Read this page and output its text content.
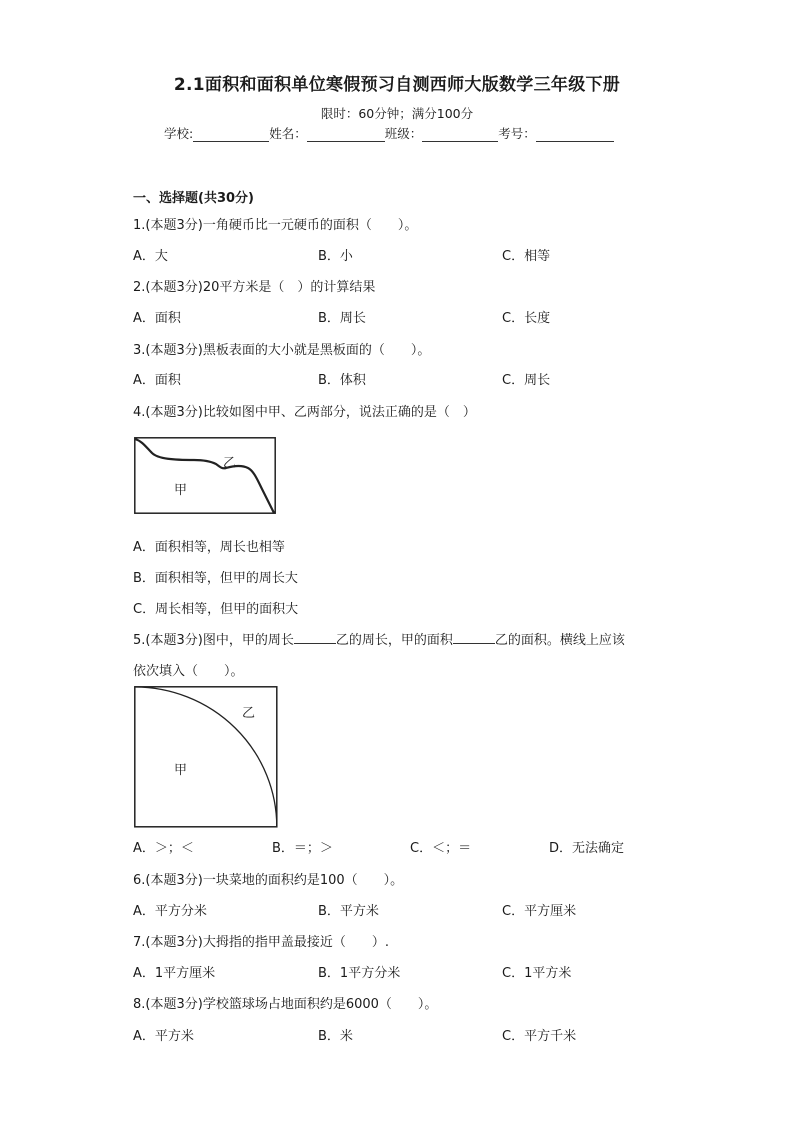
2.1面积和面积单位寒假预习自测西师大版数学三年级下册
限时：60分钟；满分100分
学校:	姓名：	班级：	考号：
一、选择题(共30分)
1.(本题3分)一角硬币比一元硬币的面积（　　）。
A．大	B．小	C．相等
2.(本题3分)20平方米是（　）的计算结果
A．面积	B．周长	C．长度
3.(本题3分)黑板表面的大小就是黑板面的（　　）。
A．面积	B．体积	C．周长
4.(本题3分)比较如图中甲、乙两部分，说法正确的是（　）
乙
甲
A．面积相等，周长也相等
B．面积相等，但甲的周长大
C．周长相等，但甲的面积大
5.(本题3分)图中，甲的周长	乙的周长，甲的面积	乙的面积。横线上应该
依次填入（　　）。
乙
甲
A．＞；＜	B．＝；＞	C．＜；＝	D．无法确定
6.(本题3分)一块菜地的面积约是100（　　）。
A．平方分米	B．平方米	C．平方厘米
7.(本题3分)大拇指的指甲盖最接近（　　）.
A．1平方厘米	B．1平方分米	C．1平方米
8.(本题3分)学校篮球场占地面积约是6000（　　）。
A．平方米	B．米	C．平方千米
